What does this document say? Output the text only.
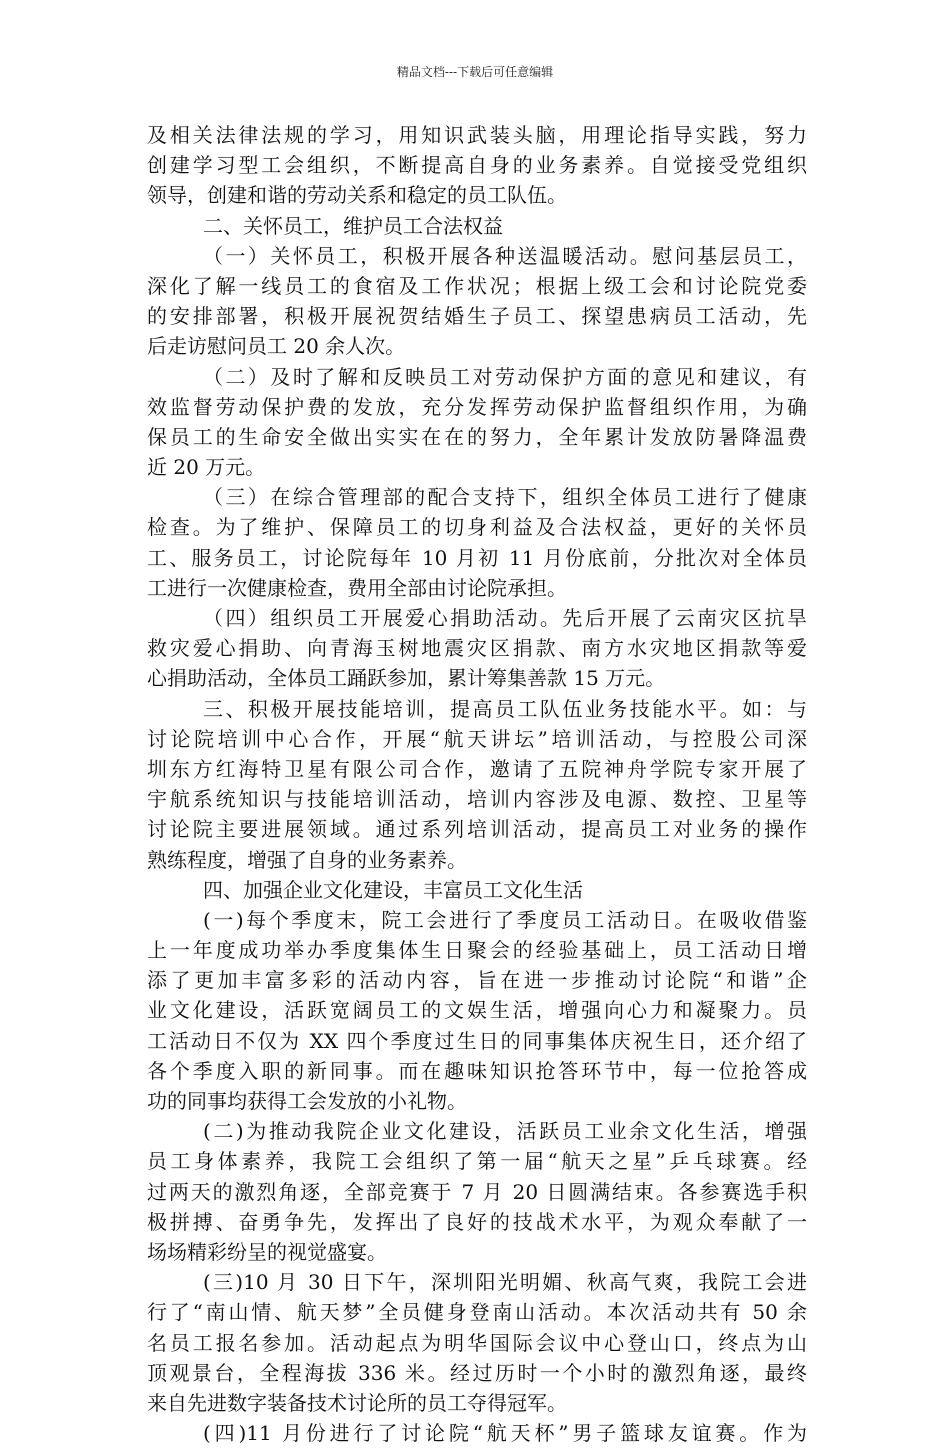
精品文档---下载后可任意编辑
及相关法律法规的学习，用知识武装头脑，用理论指导实践，努力
创建学习型工会组织，不断提高自身的业务素养。自觉接受党组织
领导，创建和谐的劳动关系和稳定的员工队伍。
二、关怀员工，维护员工合法权益
（一）关怀员工，积极开展各种送温暖活动。慰问基层员工，
深化了解一线员工的食宿及工作状况；根据上级工会和讨论院党委
的安排部署，积极开展祝贺结婚生子员工、探望患病员工活动，先
后走访慰问员工 20 余人次。
（二）及时了解和反映员工对劳动保护方面的意见和建议，有
效监督劳动保护费的发放，充分发挥劳动保护监督组织作用，为确
保员工的生命安全做出实实在在的努力，全年累计发放防暑降温费
近 20 万元。
（三）在综合管理部的配合支持下，组织全体员工进行了健康
检查。为了维护、保障员工的切身利益及合法权益，更好的关怀员
工、服务员工，讨论院每年 10 月初 11 月份底前，分批次对全体员
工进行一次健康检查，费用全部由讨论院承担。
（四）组织员工开展爱心捐助活动。先后开展了云南灾区抗旱
救灾爱心捐助、向青海玉树地震灾区捐款、南方水灾地区捐款等爱
心捐助活动，全体员工踊跃参加，累计筹集善款 15 万元。
三、积极开展技能培训，提高员工队伍业务技能水平。如：与
讨论院培训中心合作，开展“航天讲坛”培训活动，与控股公司深
圳东方红海特卫星有限公司合作，邀请了五院神舟学院专家开展了
宇航系统知识与技能培训活动，培训内容涉及电源、数控、卫星等
讨论院主要进展领域。通过系列培训活动，提高员工对业务的操作
熟练程度，增强了自身的业务素养。
四、加强企业文化建设，丰富员工文化生活
(一)每个季度末，院工会进行了季度员工活动日。在吸收借鉴
上一年度成功举办季度集体生日聚会的经验基础上，员工活动日增
添了更加丰富多彩的活动内容，旨在进一步推动讨论院“和谐”企
业文化建设，活跃宽阔员工的文娱生活，增强向心力和凝聚力。员
工活动日不仅为 XX 四个季度过生日的同事集体庆祝生日，还介绍了
各个季度入职的新同事。而在趣味知识抢答环节中，每一位抢答成
功的同事均获得工会发放的小礼物。
(二)为推动我院企业文化建设，活跃员工业余文化生活，增强
员工身体素养，我院工会组织了第一届“航天之星”乒乓球赛。经
过两天的激烈角逐，全部竞赛于 7 月 20 日圆满结束。各参赛选手积
极拼搏、奋勇争先，发挥出了良好的技战术水平，为观众奉献了一
场场精彩纷呈的视觉盛宴。
(三)10 月 30 日下午，深圳阳光明媚、秋高气爽，我院工会进
行了“南山情、航天梦”全员健身登南山活动。本次活动共有 50 余
名员工报名参加。活动起点为明华国际会议中心登山口，终点为山
顶观景台，全程海拔 336 米。经过历时一个小时的激烈角逐，最终
来自先进数字装备技术讨论所的员工夺得冠军。
(四)11 月份进行了讨论院“航天杯”男子篮球友谊赛。作为
